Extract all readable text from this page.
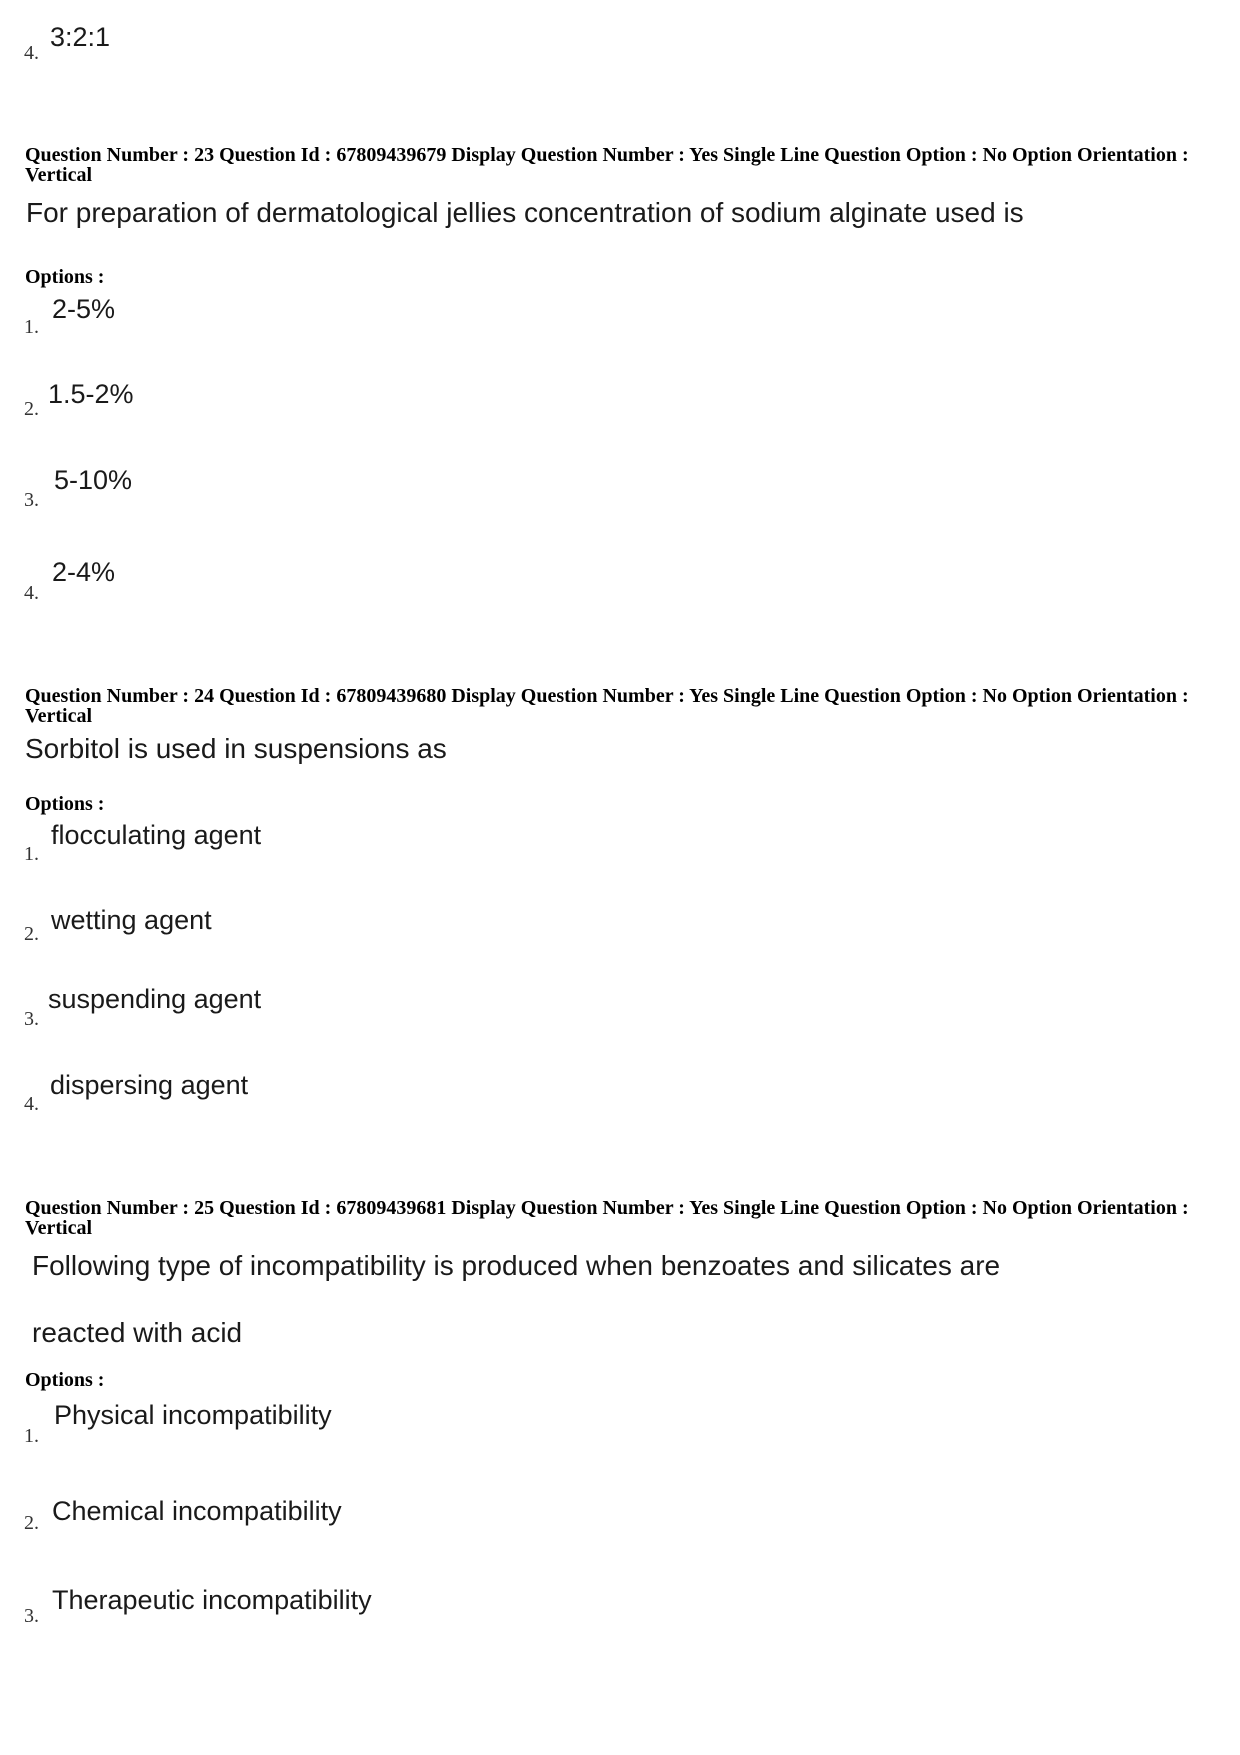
4.
3:2:1
Question Number : 23 Question Id : 67809439679 Display Question Number : Yes Single Line Question Option : No Option Orientation : Vertical
For preparation of dermatological jellies concentration of sodium alginate used is
Options :
1.
2-5%
2. 1.5-2%
3.
5-10%
4.
2-4%
Question Number : 24 Question Id : 67809439680 Display Question Number : Yes Single Line Question Option : No Option Orientation : Vertical
Sorbitol is used in suspensions as
Options :
1.
flocculating agent
2. wetting agent
3.
suspending agent
4.
dispersing agent
Question Number : 25 Question Id : 67809439681 Display Question Number : Yes Single Line Question Option : No Option Orientation : Vertical
Following type of incompatibility is produced when benzoates and silicates are
reacted with acid
Options :
1.
Physical incompatibility
2. Chemical incompatibility
3.
Therapeutic incompatibility
